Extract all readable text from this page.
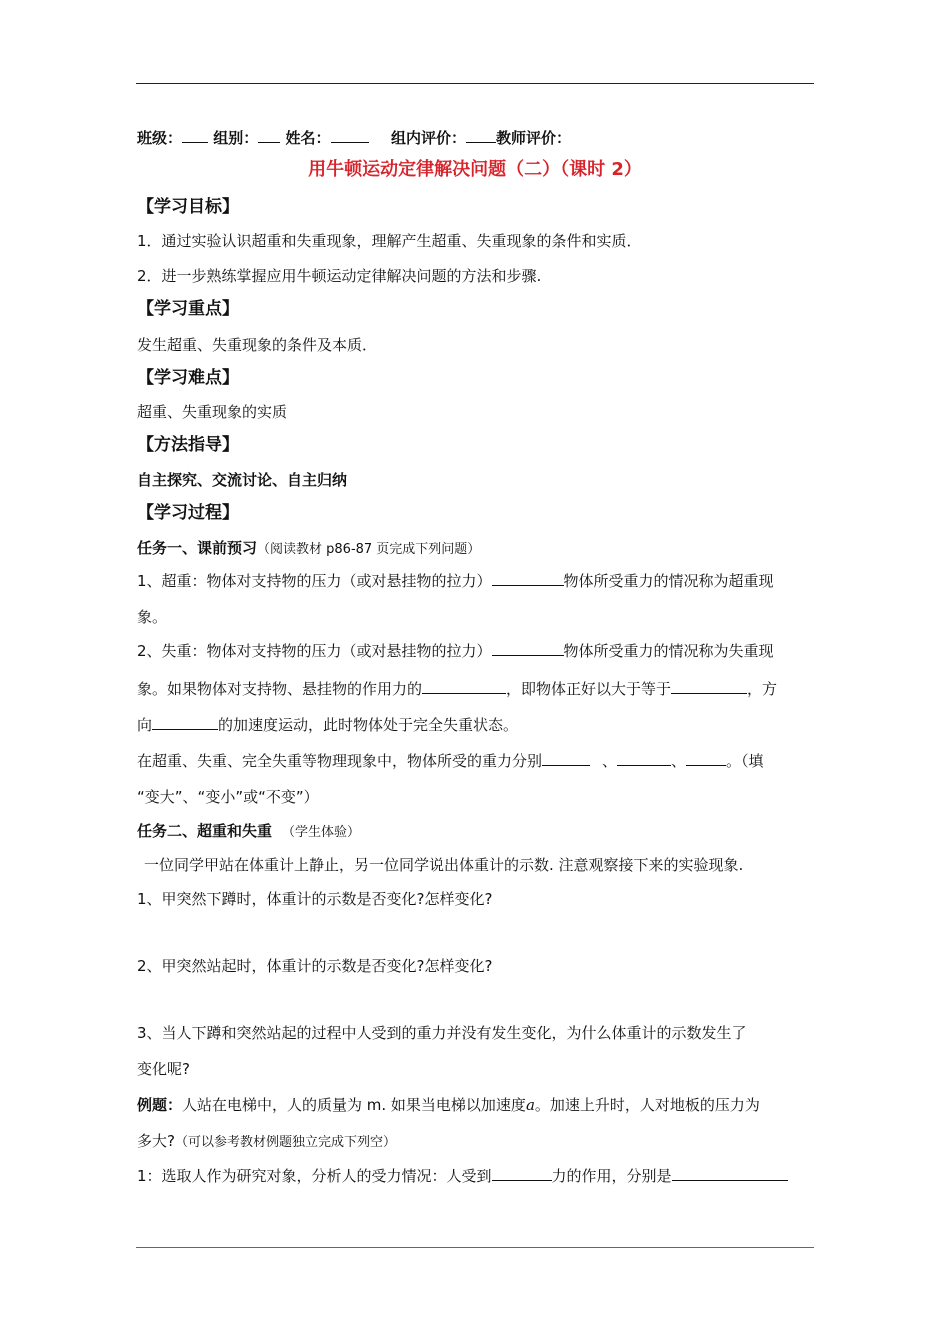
班级： 组别： 姓名：	组内评价： 教师评价：
用牛顿运动定律解决问题（二）（课时 2）
【学习目标】
1．通过实验认识超重和失重现象，理解产生超重、失重现象的条件和实质．
2．进一步熟练掌握应用牛顿运动定律解决问题的方法和步骤.
【学习重点】
发生超重、失重现象的条件及本质．
【学习难点】
超重、失重现象的实质
【方法指导】
自主探究、交流讨论、自主归纳
【学习过程】
任务一、课前预习（阅读教材 p86-87 页完成下列问题）
1、超重：物体对支持物的压力（或对悬挂物的拉力）	物体所受重力的情况称为超重现
象。
2、失重：物体对支持物的压力（或对悬挂物的拉力）	物体所受重力的情况称为失重现
象。如果物体对支持物、悬挂物的作用力的	，即物体正好以大于等于	，方
向	的加速度运动，此时物体处于完全失重状态。
在超重、失重、完全失重等物理现象中，物体所受的重力分别	、	、	。（填
“变大”、“变小”或“不变”）
任务二、超重和失重 （学生体验）
一位同学甲站在体重计上静止，另一位同学说出体重计的示数. 注意观察接下来的实验现象.
1、甲突然下蹲时，体重计的示数是否变化?怎样变化?
2、甲突然站起时，体重计的示数是否变化?怎样变化?
3、当人下蹲和突然站起的过程中人受到的重力并没有发生变化，为什么体重计的示数发生了
变化呢?
例题：人站在电梯中，人的质量为 m. 如果当电梯以加速度a。加速上升时，人对地板的压力为
多大?（可以参考教材例题独立完成下列空）
1：选取人作为研究对象，分析人的受力情况：人受到	力的作用，分别是
